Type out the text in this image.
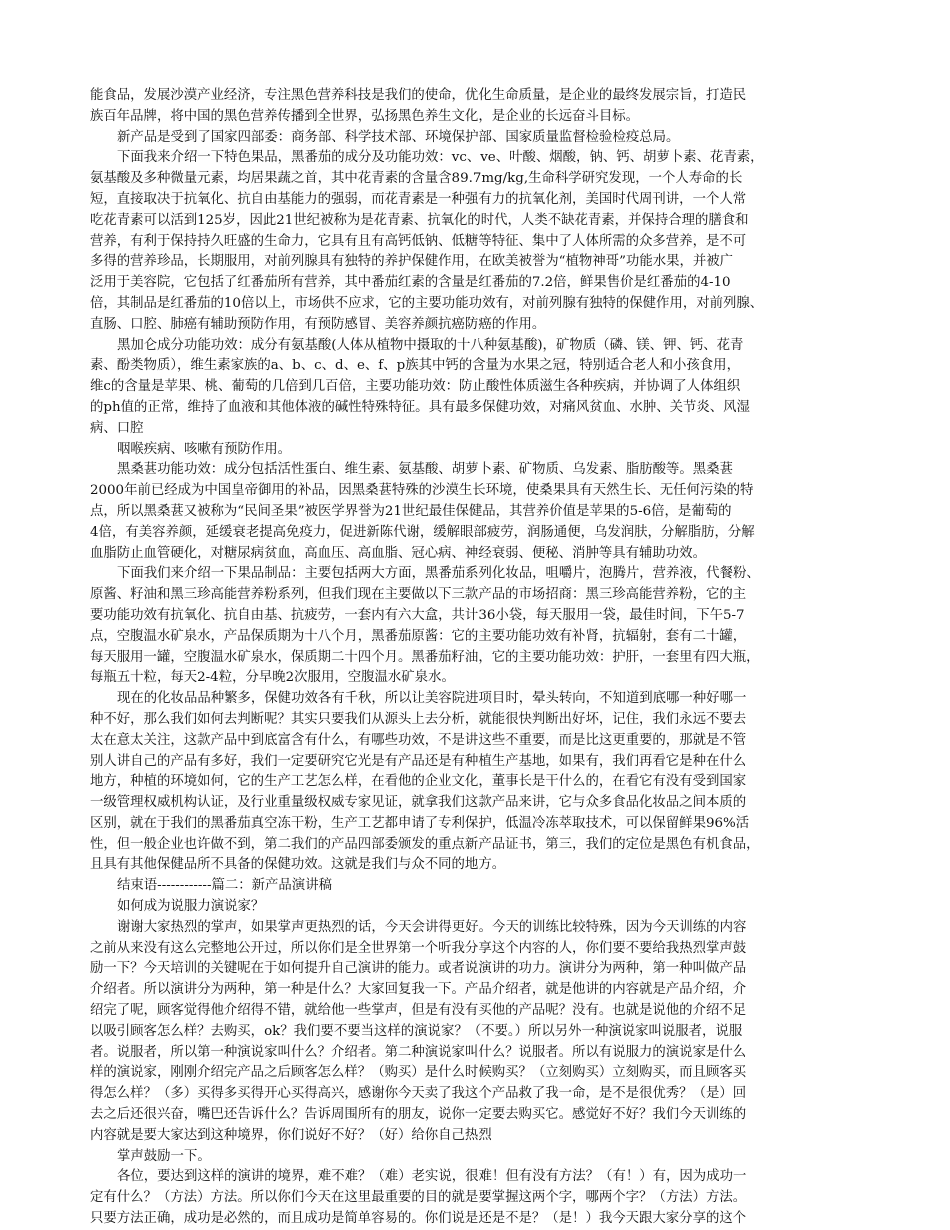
能食品，发展沙漠产业经济，专注黑色营养科技是我们的使命，优化生命质量，是企业的最终发展宗旨，打造民
族百年品牌，将中国的黑色营养传播到全世界，弘扬黑色养生文化，是企业的长远奋斗目标。
新产品是受到了国家四部委：商务部、科学技术部、环境保护部、国家质量监督检验检疫总局。
下面我来介绍一下特色果品，黑番茄的成分及功能功效：vc、ve、叶酸、烟酸，钠、钙、胡萝卜素、花青素，
氨基酸及多种微量元素，均居果蔬之首，其中花青素的含量含89.7mg/kg,生命科学研究发现，一个人寿命的长
短，直接取决于抗氧化、抗自由基能力的强弱，而花青素是一种强有力的抗氧化剂，美国时代周刊讲，一个人常
吃花青素可以活到125岁，因此21世纪被称为是花青素、抗氧化的时代，人类不缺花青素，并保持合理的膳食和
营养，有利于保持持久旺盛的生命力，它具有且有高钙低钠、低糖等特征、集中了人体所需的众多营养，是不可
多得的营养珍品，长期服用，对前列腺具有独特的养护保健作用，在欧美被誉为“植物神哥”功能水果，并被广
泛用于美容院，它包括了红番茄所有营养，其中番茄红素的含量是红番茄的7.2倍，鲜果售价是红番茄的4-10
倍，其制品是红番茄的10倍以上，市场供不应求，它的主要功能功效有，对前列腺有独特的保健作用，对前列腺、
直肠、口腔、肺癌有辅助预防作用，有预防感冒、美容养颜抗癌防癌的作用。
黑加仑成分功能功效：成分有氨基酸(人体从植物中摄取的十八种氨基酸)，矿物质（磷、镁、钾、钙、花青
素、酚类物质），维生素家族的a、b、c、d、e、f、p族其中钙的含量为水果之冠，特别适合老人和小孩食用，
维c的含量是苹果、桃、葡萄的几倍到几百倍，主要功能功效：防止酸性体质滋生各种疾病，并协调了人体组织
的ph值的正常，维持了血液和其他体液的碱性特殊特征。具有最多保健功效，对痛风贫血、水肿、关节炎、风湿
病、口腔
咽喉疾病、咳嗽有预防作用。
黑桑葚功能功效：成分包括活性蛋白、维生素、氨基酸、胡萝卜素、矿物质、乌发素、脂肪酸等。黑桑葚
2000年前已经成为中国皇帝御用的补品，因黑桑葚特殊的沙漠生长环境，使桑果具有天然生长、无任何污染的特
点，所以黑桑葚又被称为“民间圣果”被医学界誉为21世纪最佳保健品，其营养价值是苹果的5-6倍，是葡萄的
4倍，有美容养颜，延缓衰老提高免疫力，促进新陈代谢，缓解眼部疲劳，润肠通便，乌发润肤，分解脂肪，分解
血脂防止血管硬化，对糖尿病贫血，高血压、高血脂、冠心病、神经衰弱、便秘、消肿等具有辅助功效。
下面我们来介绍一下果品制品：主要包括两大方面，黑番茄系列化妆品，咀嚼片，泡腾片，营养液，代餐粉、
原酱、籽油和黑三珍高能营养粉系列，但我们现在主要做以下三款产品的市场招商：黑三珍高能营养粉，它的主
要功能功效有抗氧化、抗自由基、抗疲劳，一套内有六大盒，共计36小袋，每天服用一袋，最佳时间，下午5-7
点，空腹温水矿泉水，产品保质期为十八个月，黑番茄原酱：它的主要功能功效有补肾，抗辐射，套有二十罐，
每天服用一罐，空腹温水矿泉水，保质期二十四个月。黑番茄籽油，它的主要功能功效：护肝，一套里有四大瓶，
每瓶五十粒，每天2-4粒，分早晚2次服用，空腹温水矿泉水。
现在的化妆品品种繁多，保健功效各有千秋，所以让美容院进项目时，晕头转向，不知道到底哪一种好哪一
种不好，那么我们如何去判断呢？其实只要我们从源头上去分析，就能很快判断出好坏，记住，我们永远不要去
太在意太关注，这款产品中到底富含有什么，有哪些功效，不是讲这些不重要，而是比这更重要的，那就是不管
别人讲自己的产品有多好，我们一定要研究它光是有产品还是有种植生产基地，如果有，我们再看它是种在什么
地方，种植的环境如何，它的生产工艺怎么样，在看他的企业文化，董事长是干什么的，在看它有没有受到国家
一级管理权威机构认证，及行业重量级权威专家见证，就拿我们这款产品来讲，它与众多食品化妆品之间本质的
区别，就在于我们的黑番茄真空冻干粉，生产工艺都申请了专利保护，低温冷冻萃取技术，可以保留鲜果96%活
性，但一般企业也许做不到，第二我们的产品四部委颁发的重点新产品证书，第三，我们的定位是黑色有机食品，
且具有其他保健品所不具备的保健功效。这就是我们与众不同的地方。
结束语------------篇二：新产品演讲稿
如何成为说服力演说家？
谢谢大家热烈的掌声，如果掌声更热烈的话，今天会讲得更好。今天的训练比较特殊，因为今天训练的内容
之前从来没有这么完整地公开过，所以你们是全世界第一个听我分享这个内容的人，你们要不要给我热烈掌声鼓
励一下？今天培训的关键呢在于如何提升自己演讲的能力。或者说演讲的功力。演讲分为两种，第一种叫做产品
介绍者。所以演讲分为两种，第一种是什么？大家回复我一下。产品介绍者，就是他讲的内容就是产品介绍，介
绍完了呢，顾客觉得他介绍得不错，就给他一些掌声，但是有没有买他的产品呢？没有。也就是说他的介绍不足
以吸引顾客怎么样？去购买，ok？我们要不要当这样的演说家？（不要。）所以另外一种演说家叫说服者，说服
者。说服者，所以第一种演说家叫什么？介绍者。第二种演说家叫什么？说服者。所以有说服力的演说家是什么
样的演说家，刚刚介绍完产品之后顾客怎么样？（购买）是什么时候购买？（立刻购买）立刻购买，而且顾客买
得怎么样？（多）买得多买得开心买得高兴，感谢你今天卖了我这个产品救了我一命，是不是很优秀？（是）回
去之后还很兴奋，嘴巴还告诉什么？告诉周围所有的朋友，说你一定要去购买它。感觉好不好？我们今天训练的
内容就是要大家达到这种境界，你们说好不好？（好）给你自己热烈
掌声鼓励一下。
各位，要达到这样的演讲的境界，难不难？（难）老实说，很难！但有没有方法？（有！）有，因为成功一
定有什么？（方法）方法。所以你们今天在这里最重要的目的就是要掌握这两个字，哪两个字？（方法）方法。
只要方法正确，成功是必然的，而且成功是简单容易的。你们说是还是不是？（是！）我今天跟大家分享的这个
